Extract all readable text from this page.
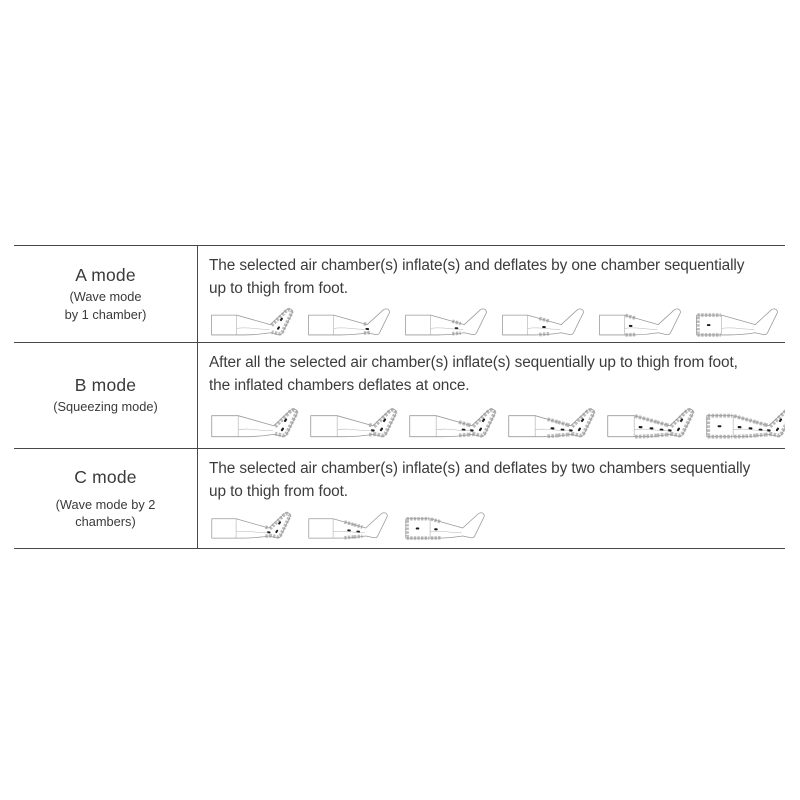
A mode
(Wave mode
by 1 chamber)
The selected air chamber(s) inflate(s) and deflates by one chamber sequentially
up to thigh from foot.
B mode
(Squeezing mode)
After all the selected air chamber(s) inflate(s) sequentially up to thigh from foot,
the inflated chambers deflates at once.
C mode
(Wave mode by 2
chambers)
The selected air chamber(s) inflate(s) and deflates by two chambers sequentially
up to thigh from foot.
